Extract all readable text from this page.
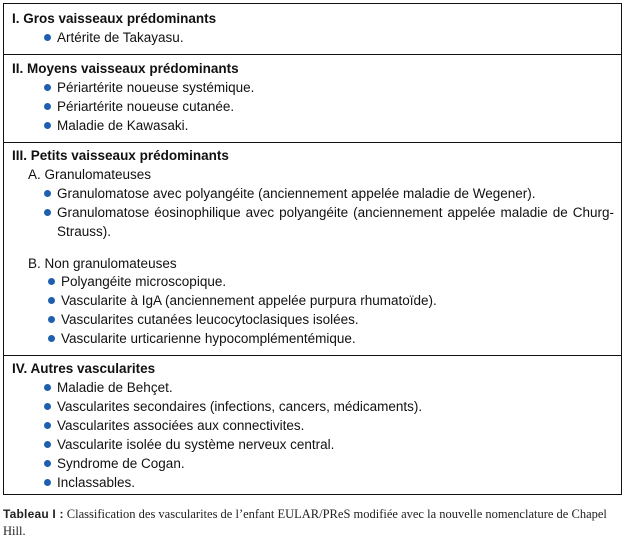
I. Gros vaisseaux prédominants
Artérite de Takayasu.
II. Moyens vaisseaux prédominants
Périartérite noueuse systémique.
Périartérite noueuse cutanée.
Maladie de Kawasaki.
III. Petits vaisseaux prédominants
A. Granulomateuses
Granulomatose avec polyangéite (anciennement appelée maladie de Wegener).
Granulomatose éosinophilique avec polyangéite (anciennement appelée maladie de Churg-Strauss).
B. Non granulomateuses
Polyangéite microscopique.
Vascularite à IgA (anciennement appelée purpura rhumatoïde).
Vascularites cutanées leucocytoclasiques isolées.
Vascularite urticarienne hypocomplémentémique.
IV. Autres vascularites
Maladie de Behçet.
Vascularites secondaires (infections, cancers, médicaments).
Vascularites associées aux connectivites.
Vascularite isolée du système nerveux central.
Syndrome de Cogan.
Inclassables.
Tableau I : Classification des vascularites de l’enfant EULAR/PReS modifiée avec la nouvelle nomenclature de Chapel Hill.
